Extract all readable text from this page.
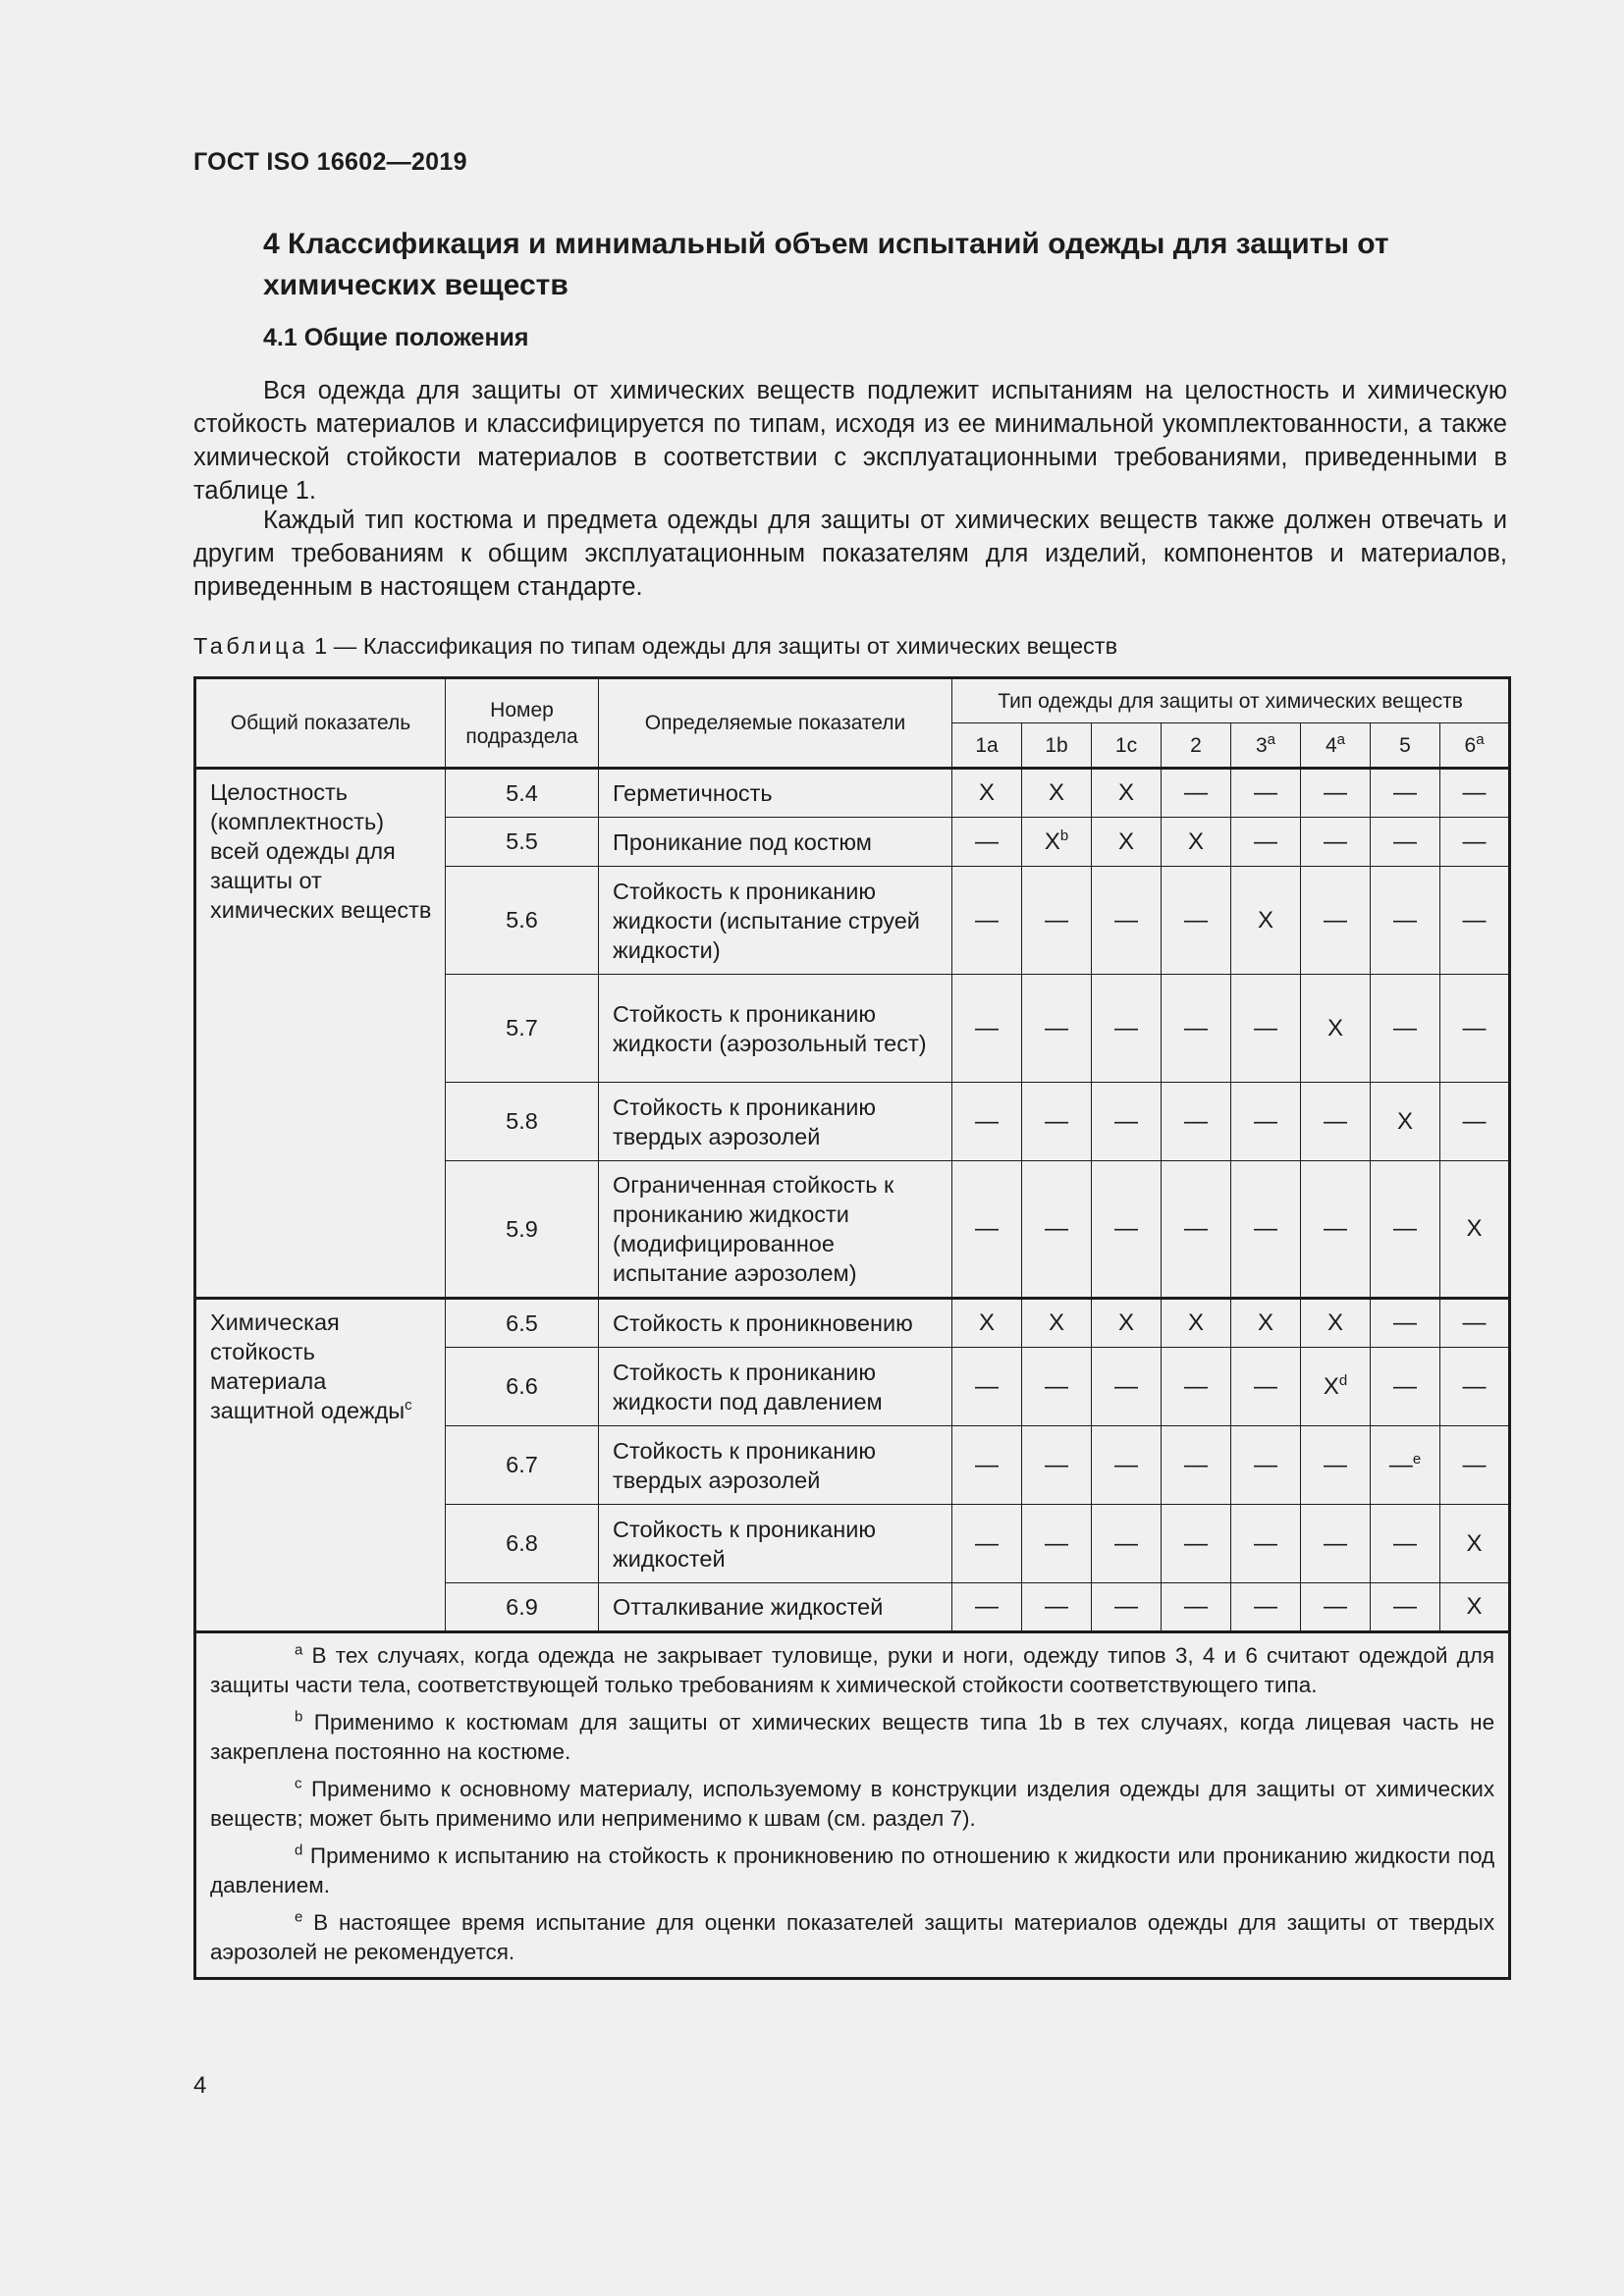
ГОСТ ISO 16602—2019
4 Классификация и минимальный объем испытаний одежды для защиты от химических веществ
4.1 Общие положения

Вся одежда для защиты от химических веществ подлежит испытаниям на целостность и химическую стойкость материалов и классифицируется по типам, исходя из ее минимальной укомплектованности, а также химической стойкости материалов в соответствии с эксплуатационными требованиями, приведенными в таблице 1.

Каждый тип костюма и предмета одежды для защиты от химических веществ также должен отвечать и другим требованиям к общим эксплуатационным показателям для изделий, компонентов и материалов, приведенным в настоящем стандарте.

Таблица 1 — Классификация по типам одежды для защиты от химических веществ
Общий показатель	Номер подраздела	Определяемые показатели	Тип одежды для защиты от химических веществ							
			1a	1b	1c	2	3$^a$	4$^a$	5	6$^a$
Целостность (комплектность) всей одежды для защиты от химических веществ	5.4	Герметичность	X	X	X	—	—	—	—	—
	5.5	Проникание под костюм	—	$X^b$	X	X	—	—	—	—
	5.6	Стойкость к прониканию жидкости (испытание струей жидкости)	—	—	—	—	X	—	—	—
	5.7	Стойкость к прониканию жидкости (аэрозольный тест)	—	—	—	—	—	X	—	—
	5.8	Стойкость к прониканию твердых аэрозолей	—	—	—	—	—	—	X	—
	5.9	Ограниченная стойкость к прониканию жидкости (модифицированное испытание аэрозолем)	—	—	—	—	—	—	—	X
Химическая стойкость материала защитной одежды$^c$	6.5	Стойкость к проникновению	X	X	X	X	X	X	—	—
	6.6	Стойкость к прониканию жидкости под давлением	—	—	—	—	—	$X^d$	—	—
	6.7	Стойкость к прониканию твердых аэрозолей	—	—	—	—	—	—	—$^e$	—
	6.8	Стойкость к прониканию жидкостей	—	—	—	—	—	—	—	X
	6.9	Отталкивание жидкостей	—	—	—	—	—	—	—	X

$^a$ В тех случаях, когда одежда не закрывает туловище, руки и ноги, одежду типов 3, 4 и 6 считают одеждой для защиты части тела, соответствующей только требованиям к химической стойкости соответствующего типа.

$^b$ Применимо к костюмам для защиты от химических веществ типа 1b в тех случаях, когда лицевая часть не закреплена постоянно на костюме.

$^c$ Применимо к основному материалу, используемому в конструкции изделия одежды для защиты от химических веществ; может быть применимо или неприменимо к швам (см. раздел 7).

$^d$ Применимо к испытанию на стойкость к проникновению по отношению к жидкости или прониканию жидкости под давлением.

$^e$ В настоящее время испытание для оценки показателей защиты материалов одежды для защиты от твердых аэрозолей не рекомендуется.										

4
